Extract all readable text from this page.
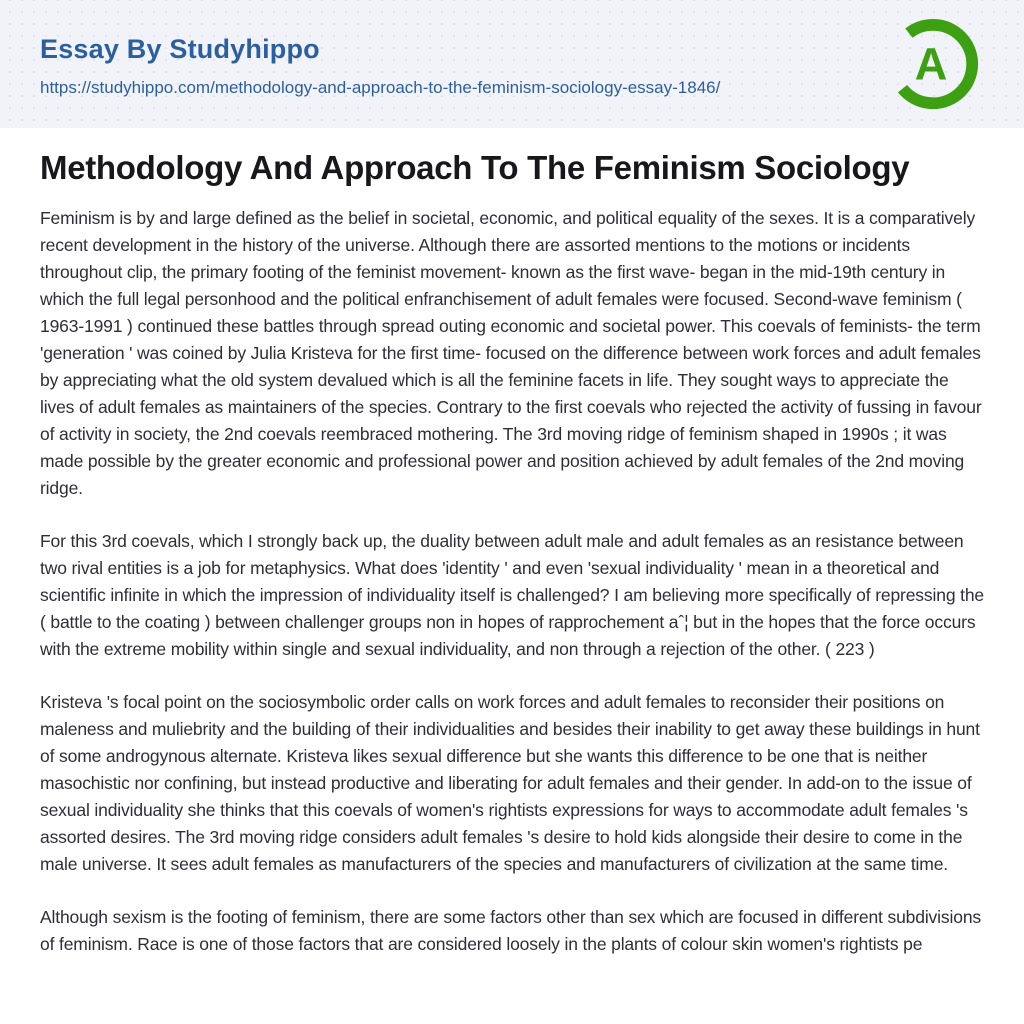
Essay By Studyhippo
https://studyhippo.com/methodology-and-approach-to-the-feminism-sociology-essay-1846/	A
Methodology And Approach To The Feminism Sociology

Feminism is by and large defined as the belief in societal, economic, and political equality of the sexes. It is a comparatively recent development in the history of the universe. Although there are assorted mentions to the motions or incidents throughout clip, the primary footing of the feminist movement- known as the first wave- began in the mid-19th century in which the full legal personhood and the political enfranchisement of adult females were focused. Second-wave feminism ( 1963-1991 ) continued these battles through spread outing economic and societal power. This coevals of feminists- the term 'generation ' was coined by Julia Kristeva for the first time- focused on the difference between work forces and adult females by appreciating what the old system devalued which is all the feminine facets in life. They sought ways to appreciate the lives of adult females as maintainers of the species. Contrary to the first coevals who rejected the activity of fussing in favour of activity in society, the 2nd coevals reembraced mothering. The 3rd moving ridge of feminism shaped in 1990s ; it was made possible by the greater economic and professional power and position achieved by adult females of the 2nd moving ridge.

For this 3rd coevals, which I strongly back up, the duality between adult male and adult females as an resistance between two rival entities is a job for metaphysics. What does 'identity ' and even 'sexual individuality ' mean in a theoretical and scientific infinite in which the impression of individuality itself is challenged? I am believing more specifically of repressing the ( battle to the coating ) between challenger groups non in hopes of rapprochement aˆ¦ but in the hopes that the force occurs with the extreme mobility within single and sexual individuality, and non through a rejection of the other. ( 223 )

Kristeva 's focal point on the sociosymbolic order calls on work forces and adult females to reconsider their positions on maleness and muliebrity and the building of their individualities and besides their inability to get away these buildings in hunt of some androgynous alternate. Kristeva likes sexual difference but she wants this difference to be one that is neither masochistic nor confining, but instead productive and liberating for adult females and their gender. In add-on to the issue of sexual individuality she thinks that this coevals of women's rightists expressions for ways to accommodate adult females 's assorted desires. The 3rd moving ridge considers adult females 's desire to hold kids alongside their desire to come in the male universe. It sees adult females as manufacturers of the species and manufacturers of civilization at the same time.

Although sexism is the footing of feminism, there are some factors other than sex which are focused in different subdivisions of feminism. Race is one of those factors that are considered loosely in the plants of colour skin women's rightists pe
